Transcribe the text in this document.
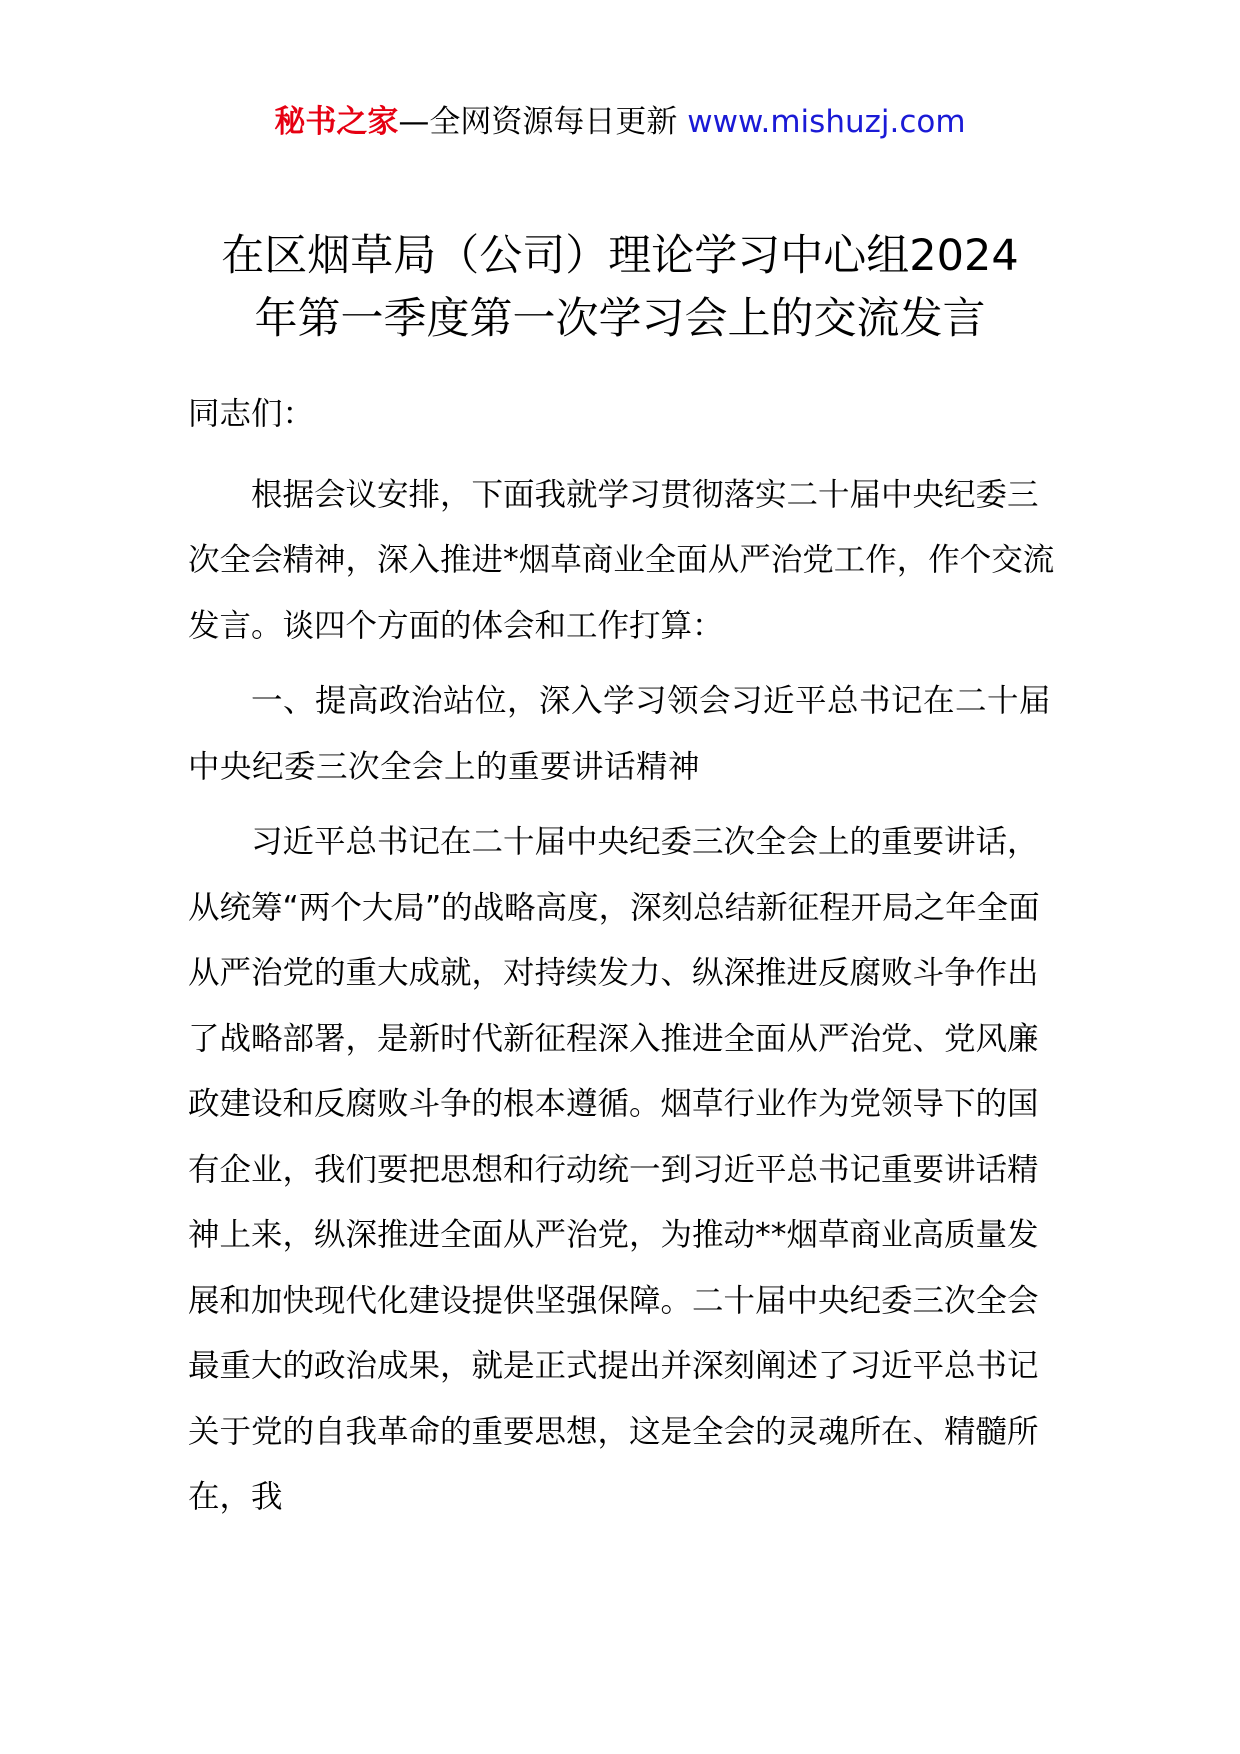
秘书之家—全网资源每日更新 www.mishuzj.com
在区烟草局（公司）理论学习中心组2024
年第一季度第一次学习会上的交流发言

同志们：

根据会议安排，下面我就学习贯彻落实二十届中央纪委三次全会精神，深入推进*烟草商业全面从严治党工作，作个交流发言。谈四个方面的体会和工作打算：

一、提高政治站位，深入学习领会习近平总书记在二十届中央纪委三次全会上的重要讲话精神

习近平总书记在二十届中央纪委三次全会上的重要讲话，从统筹“两个大局”的战略高度，深刻总结新征程开局之年全面从严治党的重大成就，对持续发力、纵深推进反腐败斗争作出了战略部署，是新时代新征程深入推进全面从严治党、党风廉政建设和反腐败斗争的根本遵循。烟草行业作为党领导下的国有企业，我们要把思想和行动统一到习近平总书记重要讲话精神上来，纵深推进全面从严治党，为推动**烟草商业高质量发展和加快现代化建设提供坚强保障。二十届中央纪委三次全会最重大的政治成果，就是正式提出并深刻阐述了习近平总书记关于党的自我革命的重要思想，这是全会的灵魂所在、精髓所在，我
